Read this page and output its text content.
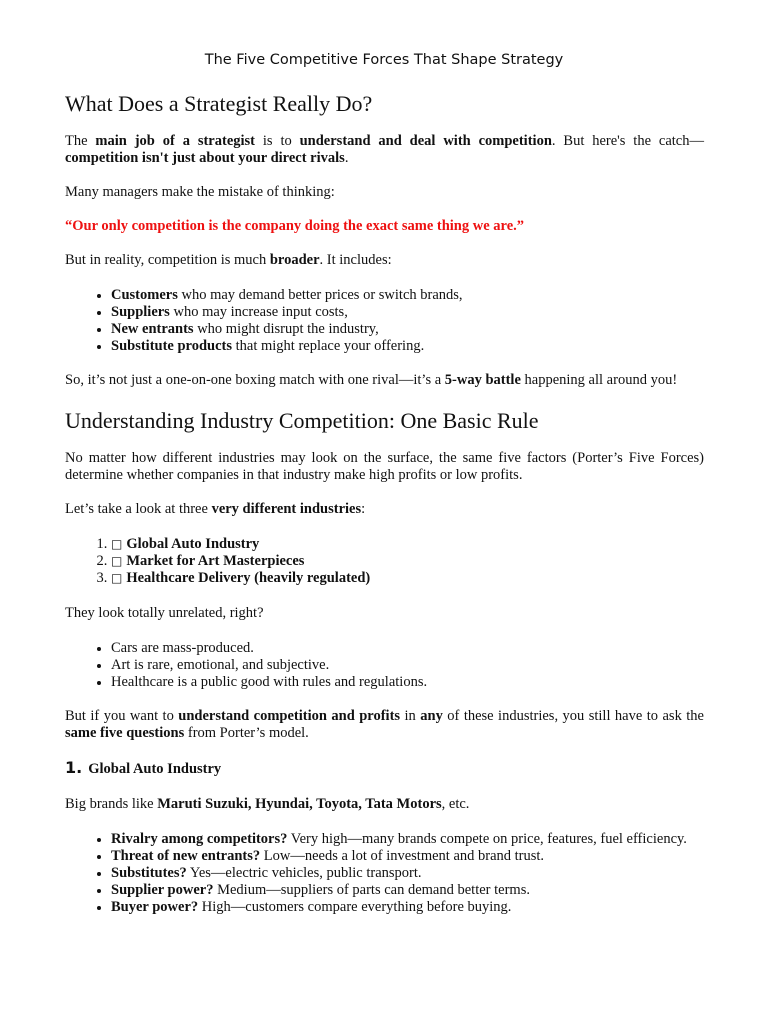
The Five Competitive Forces That Shape Strategy
What Does a Strategist Really Do?

The main job of a strategist is to understand and deal with competition. But here's the catch—competition isn't just about your direct rivals.

Many managers make the mistake of thinking:

“Our only competition is the company doing the exact same thing we are.”

But in reality, competition is much broader. It includes:

• Customers who may demand better prices or switch brands,
• Suppliers who may increase input costs,
• New entrants who might disrupt the industry,
• Substitute products that might replace your offering.

So, it’s not just a one-on-one boxing match with one rival—it’s a 5-way battle happening all around you!

Understanding Industry Competition: One Basic Rule

No matter how different industries may look on the surface, the same five factors (Porter’s Five Forces) determine whether companies in that industry make high profits or low profits.

Let’s take a look at three very different industries:

1. □ Global Auto Industry
2. □ Market for Art Masterpieces
3. □ Healthcare Delivery (heavily regulated)

They look totally unrelated, right?

• Cars are mass-produced.
• Art is rare, emotional, and subjective.
• Healthcare is a public good with rules and regulations.

But if you want to understand competition and profits in any of these industries, you still have to ask the same five questions from Porter’s model.

1. Global Auto Industry

Big brands like Maruti Suzuki, Hyundai, Toyota, Tata Motors, etc.

• Rivalry among competitors? Very high—many brands compete on price, features, fuel efficiency.
• Threat of new entrants? Low—needs a lot of investment and brand trust.
• Substitutes? Yes—electric vehicles, public transport.
• Supplier power? Medium—suppliers of parts can demand better terms.
• Buyer power? High—customers compare everything before buying.
